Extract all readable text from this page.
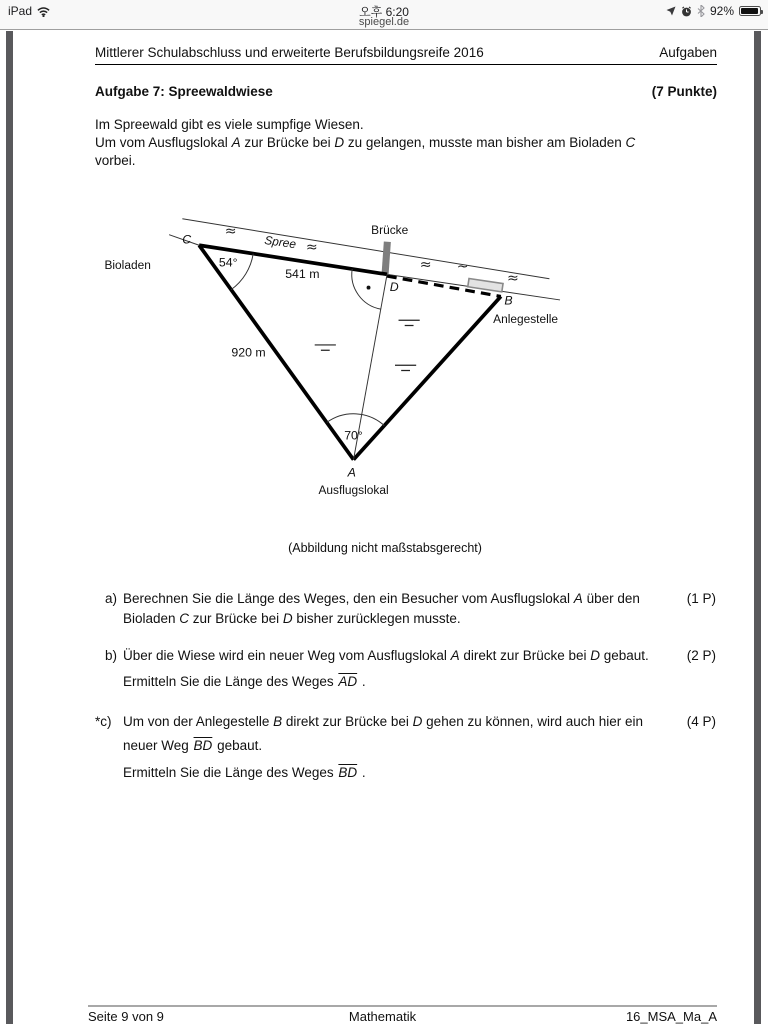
iPad	오후 6:20
spiegel.de
92%
Mittlerer Schulabschluss und erweiterte Berufsbildungsreife 2016	Aufgaben
Aufgabe 7: Spreewaldwiese	(7 Punkte)
Im Spreewald gibt es viele sumpfige Wiesen.
Um vom Ausflugslokal A zur Brücke bei D zu gelangen, musste man bisher am Bioladen C
vorbei.
≈
≈
≈ ~
≈
Brücke
Spree
C
Bioladen	54°
541 m
D
B
Anlegestelle
920 m
70°
A
Ausflugslokal
(Abbildung nicht maßstabsgerecht)
a)	(1 P)
Berechnen Sie die Länge des Weges, den ein Besucher vom Ausflugslokal A über den
Bioladen C zur Brücke bei D bisher zurücklegen musste.
b)	(2 P)
Über die Wiese wird ein neuer Weg vom Ausflugslokal A direkt zur Brücke bei D gebaut.
Ermitteln Sie die Länge des Weges $\overline{AD}$ .
*c)	(4 P)
Um von der Anlegestelle B direkt zur Brücke bei D gehen zu können, wird auch hier ein
neuer Weg $\overline{BD}$ gebaut.
Ermitteln Sie die Länge des Weges $\overline{BD}$ .
Seite 9 von 9	Mathematik	16_MSA_Ma_A
